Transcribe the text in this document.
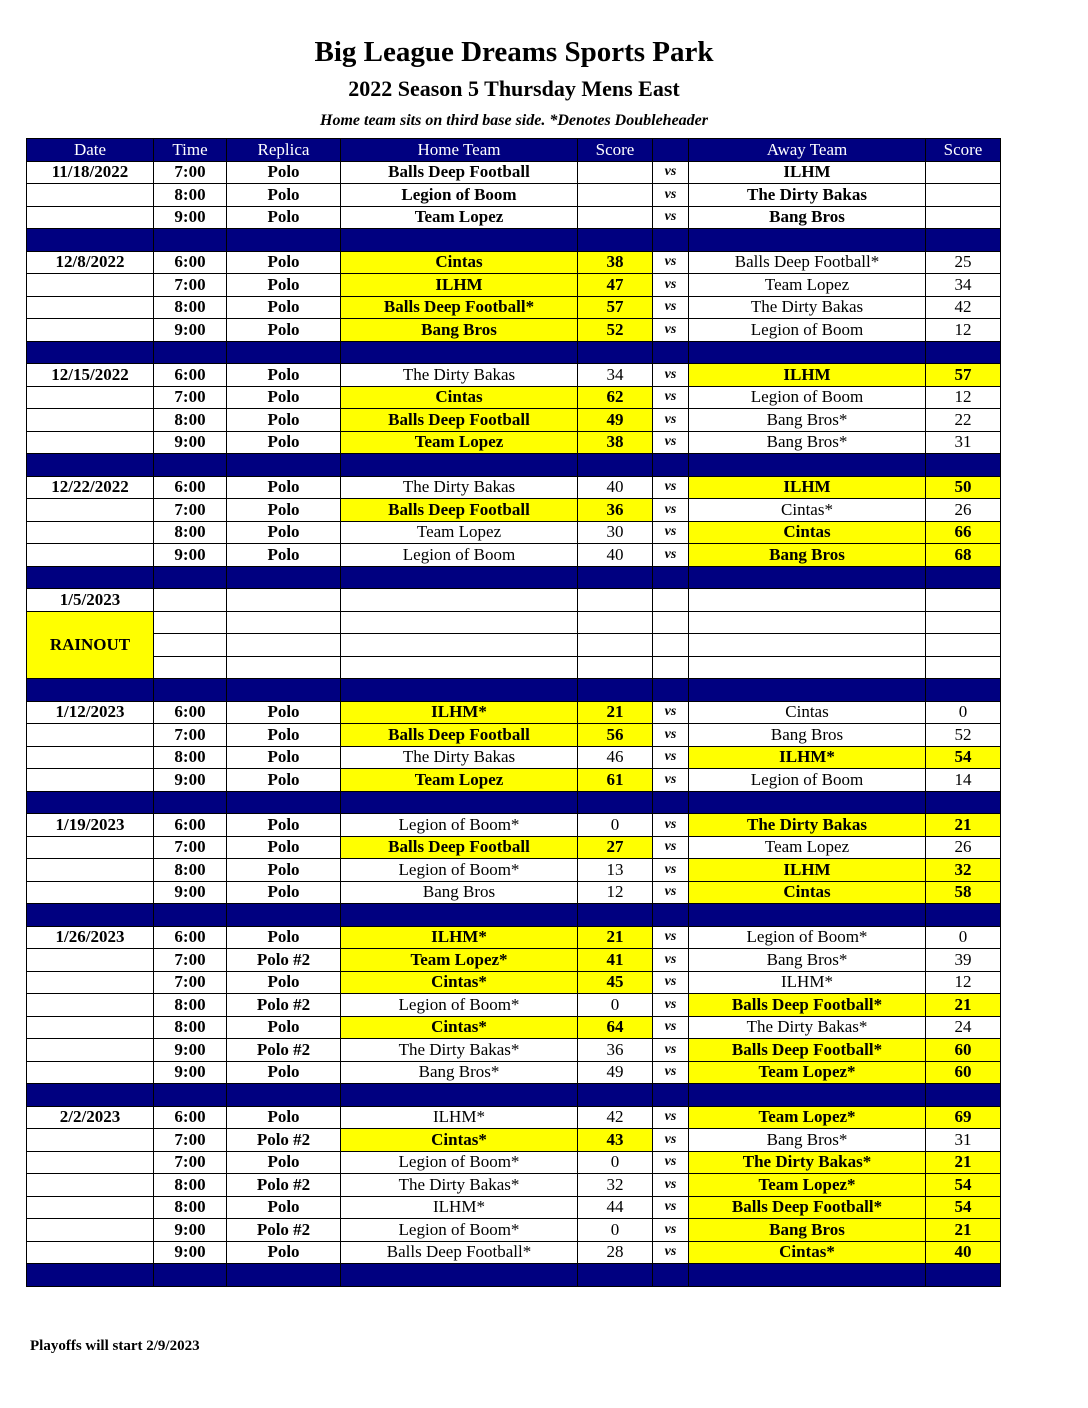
Big League Dreams Sports Park
2022 Season 5 Thursday Mens East
Home team sits on third base side. *Denotes Doubleheader
Date	Time	Replica	Home Team	Score		Away Team	Score
11/18/2022	7:00	Polo	Balls Deep Football		vs	ILHM	
	8:00	Polo	Legion of Boom		vs	The Dirty Bakas	
	9:00	Polo	Team Lopez		vs	Bang Bros	

12/8/2022	6:00	Polo	Cintas	38	vs	Balls Deep Football*	25
	7:00	Polo	ILHM	47	vs	Team Lopez	34
	8:00	Polo	Balls Deep Football*	57	vs	The Dirty Bakas	42
	9:00	Polo	Bang Bros	52	vs	Legion of Boom	12

12/15/2022	6:00	Polo	The Dirty Bakas	34	vs	ILHM	57
	7:00	Polo	Cintas	62	vs	Legion of Boom	12
	8:00	Polo	Balls Deep Football	49	vs	Bang Bros*	22
	9:00	Polo	Team Lopez	38	vs	Bang Bros*	31

12/22/2022	6:00	Polo	The Dirty Bakas	40	vs	ILHM	50
	7:00	Polo	Balls Deep Football	36	vs	Cintas*	26
	8:00	Polo	Team Lopez	30	vs	Cintas	66
	9:00	Polo	Legion of Boom	40	vs	Bang Bros	68

1/5/2023							
RAINOUT							

1/12/2023	6:00	Polo	ILHM*	21	vs	Cintas	0
	7:00	Polo	Balls Deep Football	56	vs	Bang Bros	52
	8:00	Polo	The Dirty Bakas	46	vs	ILHM*	54
	9:00	Polo	Team Lopez	61	vs	Legion of Boom	14

1/19/2023	6:00	Polo	Legion of Boom*	0	vs	The Dirty Bakas	21
	7:00	Polo	Balls Deep Football	27	vs	Team Lopez	26
	8:00	Polo	Legion of Boom*	13	vs	ILHM	32
	9:00	Polo	Bang Bros	12	vs	Cintas	58

1/26/2023	6:00	Polo	ILHM*	21	vs	Legion of Boom*	0
	7:00	Polo #2	Team Lopez*	41	vs	Bang Bros*	39
	7:00	Polo	Cintas*	45	vs	ILHM*	12
	8:00	Polo #2	Legion of Boom*	0	vs	Balls Deep Football*	21
	8:00	Polo	Cintas*	64	vs	The Dirty Bakas*	24
	9:00	Polo #2	The Dirty Bakas*	36	vs	Balls Deep Football*	60
	9:00	Polo	Bang Bros*	49	vs	Team Lopez*	60

2/2/2023	6:00	Polo	ILHM*	42	vs	Team Lopez*	69
	7:00	Polo #2	Cintas*	43	vs	Bang Bros*	31
	7:00	Polo	Legion of Boom*	0	vs	The Dirty Bakas*	21
	8:00	Polo #2	The Dirty Bakas*	32	vs	Team Lopez*	54
	8:00	Polo	ILHM*	44	vs	Balls Deep Football*	54
	9:00	Polo #2	Legion of Boom*	0	vs	Bang Bros	21
	9:00	Polo	Balls Deep Football*	28	vs	Cintas*	40

Playoffs will start 2/9/2023
